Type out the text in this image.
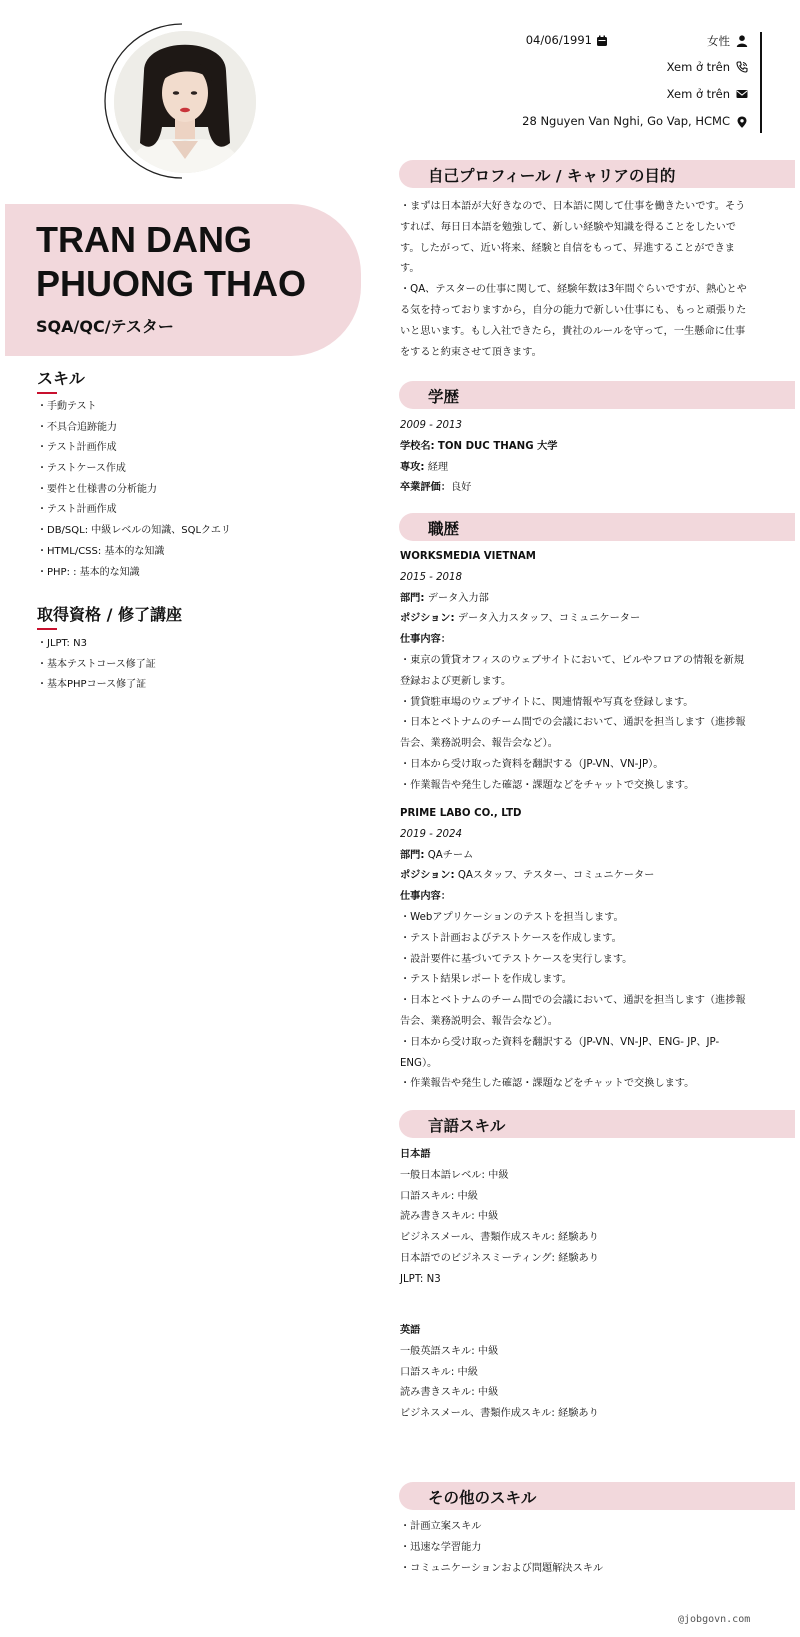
TRAN DANG
PHUONG THAO
SQA/QC/テスター
スキル
・手動テスト
・不具合追跡能力
・テスト計画作成
・テストケース作成
・要件と仕様書の分析能力
・テスト計画作成
・DB/SQL: 中級レベルの知識、SQLクエリ
・HTML/CSS: 基本的な知識
・PHP: : 基本的な知識
取得資格 / 修了講座
・JLPT: N3
・基本テストコース修了証
・基本PHPコース修了証
04/06/1991	女性
Xem ở trên
Xem ở trên
28 Nguyen Van Nghi, Go Vap, HCMC
自己プロフィール / キャリアの目的
・まずは日本語が大好きなので、日本語に関して仕事を働きたいです。そう
すれば、毎日日本語を勉強して、新しい経験や知識を得ることをしたいで
す。したがって、近い将来、経験と自信をもって、昇進することができま
す。
・QA、テスターの仕事に関して、経験年数は3年間ぐらいですが、熱心とや
る気を持っておりますから，自分の能力で新しい仕事にも、もっと頑張りた
いと思います。もし入社できたら，貴社のルールを守って，一生懸命に仕事
をすると約束させて頂きます。
学歴
2009 - 2013
学校名: TON DUC THANG 大学
専攻: 経理
卒業評価：良好
職歴
WORKSMEDIA VIETNAM
2015 - 2018
部門: データ入力部
ポジション: データ入力スタッフ、コミュニケーター
仕事内容：
・東京の賃貸オフィスのウェブサイトにおいて、ビルやフロアの情報を新規
登録および更新します。
・賃貸駐車場のウェブサイトに、関連情報や写真を登録します。
・日本とベトナムのチーム間での会議において、通訳を担当します（進捗報
告会、業務説明会、報告会など）。
・日本から受け取った資料を翻訳する（JP-VN、VN-JP）。
・作業報告や発生した確認・課題などをチャットで交換します。
PRIME LABO CO., LTD
2019 - 2024
部門: QAチーム
ポジション: QAスタッフ、テスター、コミュニケーター
仕事内容：
・Webアプリケーションのテストを担当します。
・テスト計画およびテストケースを作成します。
・設計要件に基づいてテストケースを実行します。
・テスト結果レポートを作成します。
・日本とベトナムのチーム間での会議において、通訳を担当します（進捗報
告会、業務説明会、報告会など）。
・日本から受け取った資料を翻訳する（JP-VN、VN-JP、ENG- JP、JP-
ENG）。
・作業報告や発生した確認・課題などをチャットで交換します。
言語スキル
日本語
一般日本語レベル: 中級
口語スキル: 中級
読み書きスキル: 中級
ビジネスメール、書類作成スキル: 経験あり
日本語でのビジネスミーティング: 経験あり
JLPT: N3
英語
一般英語スキル: 中級
口語スキル: 中級
読み書きスキル: 中級
ビジネスメール、書類作成スキル: 経験あり
その他のスキル
・計画立案スキル
・迅速な学習能力
・コミュニケーションおよび問題解決スキル
@jobgovn.com
